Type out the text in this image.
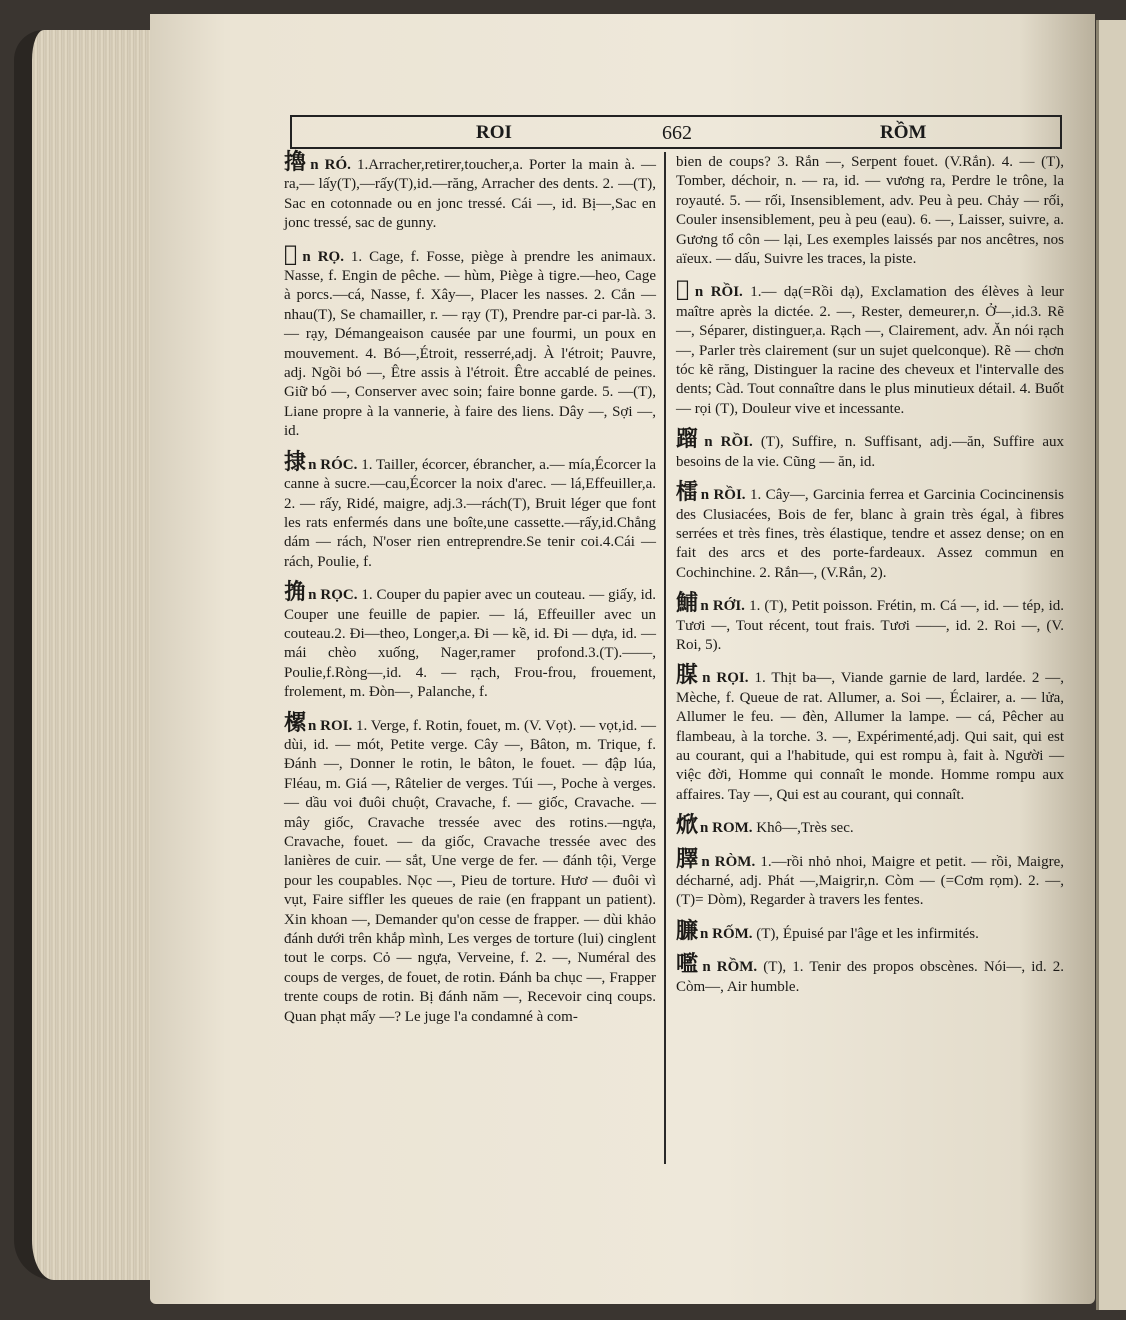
ROI	662	RỒM

擼 n RÓ. 1.Arracher,retirer,toucher,a. Porter la main à. — ra,— lấy(T),—rấy(T),id.—răng, Arracher des dents. 2. —(T), Sac en cotonnade ou en jonc tressé. Cái —, id. Bị—,Sac en jonc tressé, sac de gunny.

𥴟 n RỌ. 1. Cage, f. Fosse, piège à prendre les animaux. Nasse, f. Engin de pêche. — hùm, Piège à tigre.—heo, Cage à porcs.—cá, Nasse, f. Xây—, Placer les nasses. 2. Cắn —nhau(T), Se chamailler, r. — rạy (T), Prendre par-ci par-là. 3. — rạy, Démangeaison causée par une fourmi, un poux en mouvement. 4. Bó—,Étroit, resserré,adj. À l'étroit; Pauvre, adj. Ngồi bó —, Être assis à l'étroit. Être accablé de peines. Giữ bó —, Conserver avec soin; faire bonne garde. 5. —(T), Liane propre à la vannerie, à faire des liens. Dây —, Sợi —, id.

捸 n RÓC. 1. Tailler, écorcer, ébrancher, a.— mía,Écorcer la canne à sucre.—cau,Écorcer la noix d'arec. — lá,Effeuiller,a. 2. — rấy, Ridé, maigre, adj.3.—rách(T), Bruit léger que font les rats enfermés dans une boîte,une cassette.—rấy,id.Chẳng dám — rách, N'oser rien entreprendre.Se tenir coi.4.Cái — rách, Poulie, f.

捔 n RỌC. 1. Couper du papier avec un couteau. — giấy, id. Couper une feuille de papier. — lá, Effeuiller avec un couteau.2. Đi—theo, Longer,a. Đi — kề, id. Đi — dựa, id. — mái chèo xuống, Nager,ramer profond.3.(T).——, Poulie,f.Ròng—,id. 4. — rạch, Frou-frou, frouement, frolement, m. Đòn—, Palanche, f.

樏 n ROI. 1. Verge, f. Rotin, fouet, m. (V. Vọt). — vọt,id. —dùi, id. — mót, Petite verge. Cây —, Bâton, m. Trique, f. Đánh —, Donner le rotin, le bâton, le fouet. — đập lúa, Fléau, m. Giá —, Râtelier de verges. Túi —, Poche à verges. — dầu voi đuôi chuột, Cravache, f. — giốc, Cravache. — mây giốc, Cravache tressée avec des rotins.—ngựa, Cravache, fouet. — da giốc, Cravache tressée avec des lanières de cuir. — sắt, Une verge de fer. — đánh tội, Verge pour les coupables. Nọc —, Pieu de torture. Hươ — đuôi vì vụt, Faire siffler les queues de raie (en frappant un patient). Xin khoan —, Demander qu'on cesse de frapper. — dùi khảo đánh dưới trên khắp mình, Les verges de torture (lui) cinglent tout le corps. Cỏ — ngựa, Verveine, f. 2. —, Numéral des coups de verges, de fouet, de rotin. Đánh ba chục —, Frapper trente coups de rotin. Bị đánh năm —, Recevoir cinq coups. Quan phạt mấy —? Le juge l'a condamné à com-

bien de coups? 3. Rắn —, Serpent fouet. (V.Rắn). 4. — (T), Tomber, déchoir, n. — ra, id. — vương ra, Perdre le trône, la royauté. 5. — rối, Insensiblement, adv. Peu à peu. Chảy — rối, Couler insensiblement, peu à peu (eau). 6. —, Laisser, suivre, a. Gương tổ côn — lại, Les exemples laissés par nos ancêtres, nos aïeux. — dấu, Suivre les traces, la piste.

𠻀 n RỒI. 1.— dạ(=Rồi dạ), Exclamation des élèves à leur maître après la dictée. 2. —, Rester, demeurer,n. Ở—,id.3. Rẽ—, Séparer, distinguer,a. Rạch —, Clairement, adv. Ăn nói rạch —, Parler très clairement (sur un sujet quelconque). Rẽ — chơn tóc kẽ răng, Distinguer la racine des cheveux et l'intervalle des dents; Càd. Tout connaître dans le plus minutieux détail. 4. Buốt — rọi (T), Douleur vive et incessante.

蹓 n RỒI. (T), Suffire, n. Suffisant, adj.—ăn, Suffire aux besoins de la vie. Cũng — ăn, id.

檑 n RỒI. 1. Cây—, Garcinia ferrea et Garcinia Cocincinensis des Clusiacées, Bois de fer, blanc à grain très égal, à fibres serrées et très fines, très élastique, tendre et assez dense; on en fait des arcs et des porte-fardeaux. Assez commun en Cochinchine. 2. Rắn—, (V.Rắn, 2).

鯆 n RỚI. 1. (T), Petit poisson. Frétin, m. Cá —, id. — tép, id. Tươi —, Tout récent, tout frais. Tươi ——, id. 2. Roi —, (V. Roi, 5).

腜 n RỌI. 1. Thịt ba—, Viande garnie de lard, lardée. 2 —, Mèche, f. Queue de rat. Allumer, a. Soi —, Éclairer, a. — lửa, Allumer le feu. — đèn, Allumer la lampe. — cá, Pêcher au flambeau, à la torche. 3. —, Expérimenté,adj. Qui sait, qui est au courant, qui a l'habitude, qui est rompu à, fait à. Người — việc đời, Homme qui connaît le monde. Homme rompu aux affaires. Tay —, Qui est au courant, qui connaît.

焮 n ROM. Khô—,Très sec.

䐾 n RÒM. 1.—rồi nhỏ nhoi, Maigre et petit. — rồi, Maigre, décharné, adj. Phát —,Maigrir,n. Còm — (=Cơm rọm). 2. —, (T)= Dòm), Regarder à travers les fentes.

臁 n RỐM. (T), Épuisé par l'âge et les infirmités.

嚂 n RỒM. (T), 1. Tenir des propos obscènes. Nói—, id. 2. Còm—, Air humble.
